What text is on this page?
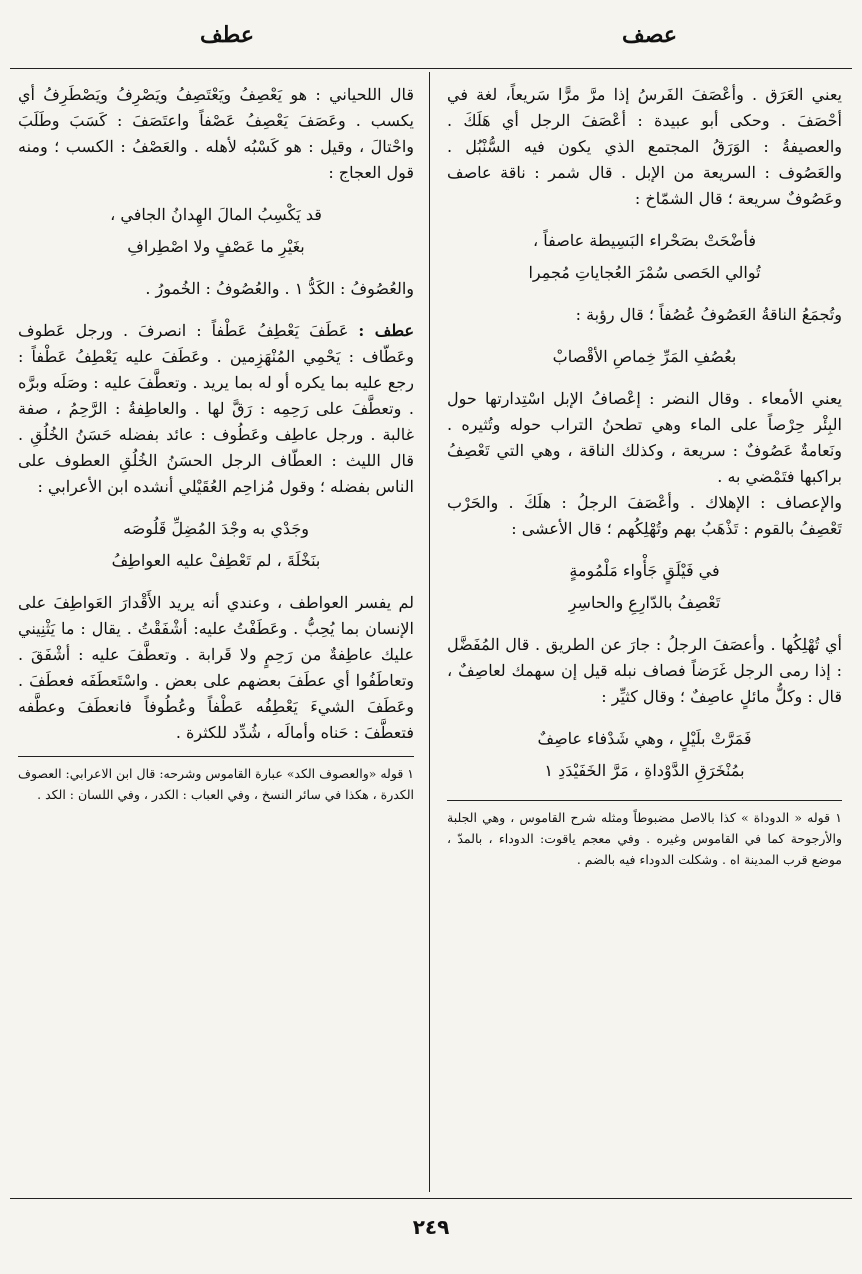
عصف
عطف

يعني العَرَق . وأعْصَفَ الفَرسُ إذا مرَّ مرًّا سَريعاً، لغة في أحْصَفَ . وحكى أبو عبيدة : أعْصَفَ الرجل أي هَلَكَ . والعصيفةُ : الوَرَقُ المجتمع الذي يكون فيه السُّنْبُل . والعَصُوف : السريعة من الإبل . قال شمر : ناقة عاصف وعَصُوفٌ سريعة ؛ قال الشمّاخ :

فأضْحَتْ بصَحْراء البَسِيطة عاصفاً ،
تُوالي الحَصى سُمْرَ العُجاياتِ مُجمِرا

وتُجمَعُ الناقةُ العَصُوفُ عُصُفاً ؛ قال رؤبة :

بعُصُفِ المَرِّ خِماصِ الأقْصابْ

يعني الأمعاء . وقال النضر : إعْصافُ الإبل اسْتِدارتها حول البِئْر حِرْصاً على الماء وهي تطحنُ التراب حوله وتُثيره . ونَعامةٌ عَصُوفٌ : سريعة ، وكذلك الناقة ، وهي التي تَعْصِفُ براكبها فتَمْضي به .

والإعصاف : الإهلاك . وأعْصَفَ الرجلُ : هلَكَ . والحَرْب تَعْصِفُ بالقوم : تَذْهَبُ بهم وتُهْلِكُهم ؛ قال الأعشى :

في فَيْلَقٍ جَأْواء مَلْمُومةٍ
تَعْصِفُ بالدّارِعِ والحاسِرِ

أي تُهْلِكُها . وأعصَفَ الرجلُ : جارَ عن الطريق . قال المُفَضَّل : إذا رمى الرجل غَرَضاً فصاف نبله قيل إن سهمك لعاصِفٌ ، قال : وكلُّ مائلٍ عاصِفٌ ؛ وقال كثيِّر :

فَمَرَّتْ بلَيْلٍ ، وهي شَدْفاء عاصِفٌ
بمُنْخَرَقِ الدَّوْداةِ ، مَرَّ الخَفَيْدَدِ ١

١ قوله « الدوداة » كذا بالاصل مضبوطاً ومثله شرح القاموس ، وهي الجلبة والأرجوحة كما في القاموس وغيره . وفي معجم ياقوت: الدوداء ، بالمدّ ، موضع قرب المدينة اه . وشكلت الدوداء فيه بالضم .

قال اللحياني : هو يَعْصِفُ ويَعْتَصِفُ ويَصْرِفُ ويَصْطَرِفُ أي يكسب . وعَصَفَ يَعْصِفُ عَصْفاً واعتَصَفَ : كَسَبَ وطَلَبَ واحْتالَ ، وقيل : هو كَسْبُه لأهله . والعَصْفُ : الكسب ؛ ومنه قول العجاج :

قد يَكْسِبُ المالَ الهِدانُ الجافي ،
بغَيْرِ ما عَصْفٍ ولا اصْطِرافِ

والعُصُوفُ : الكَدُّ ١ . والعُصُوفُ : الخُمورُ .

عطف : عَطَفَ يَعْطِفُ عَطْفاً : انصرفَ . ورجل عَطوف وعَطّاف : يَحْمِي المُنْهَزِمين . وعَطَفَ عليه يَعْطِفُ عَطْفاً : رجع عليه بما يكره أو له بما يريد . وتعطَّفَ عليه : وصَلَه وبرَّه . وتعطَّفَ على رَحِمِه : رَقَّ لها . والعاطِفةُ : الرَّحِمُ ، صفة غالبة . ورجل عاطِف وعَطُوف : عائد بفضله حَسَنُ الخُلُقِ . قال الليث : العطّاف الرجل الحسَنُ الخُلُقِ العطوف على الناس بفضله ؛ وقول مُزاحِم العُقَيْلي أنشده ابن الأعرابي :

وجَدْي به وجْدَ المُضِلِّ قَلُوصَه
بنَخْلَةَ ، لم تَعْطِفْ عليه العواطِفُ

لم يفسر العواطف ، وعندي أنه يريد الأَقْدارَ العَواطِفَ على الإنسان بما يُحِبُّ . وعَطَفْتُ عليه: أشْفَقْتُ . يقال : ما يَثْنِيني عليك عاطِفةٌ من رَحِمٍ ولا قَرابة . وتعطَّفَ عليه : أشْفَقَ . وتعاطَفُوا أي عطَفَ بعضهم على بعض . واسْتَعطَفَه فعطَفَ . وعَطَفَ الشيءَ يَعْطِفُه عَطْفاً وعُطُوفاً فانعطَفَ وعطَّفه فتعطَّفَ : حَناه وأمالَه ، شُدِّد للكثرة .

١ قوله «والعصوف الكد» عبارة القاموس وشرحه: قال ابن الاعرابي: العصوف الكدرة ، هكذا في سائر النسخ ، وفي العباب : الكدر ، وفي اللسان : الكد .

٢٤٩
